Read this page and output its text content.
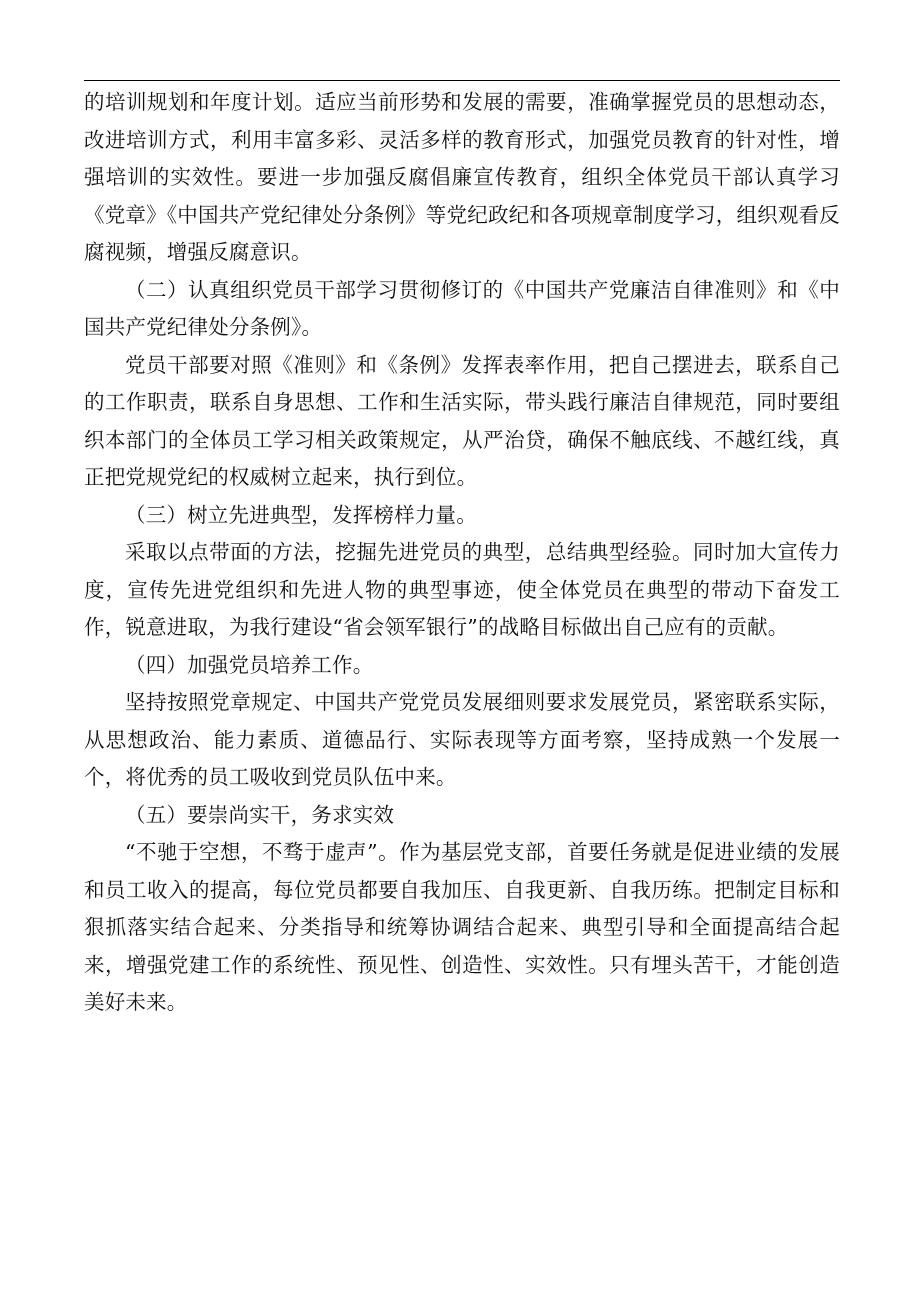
的培训规划和年度计划。适应当前形势和发展的需要，准确掌握党员的思想动态，改进培训方式，利用丰富多彩、灵活多样的教育形式，加强党员教育的针对性，增强培训的实效性。要进一步加强反腐倡廉宣传教育，组织全体党员干部认真学习《党章》《中国共产党纪律处分条例》等党纪政纪和各项规章制度学习，组织观看反腐视频，增强反腐意识。

（二）认真组织党员干部学习贯彻修订的《中国共产党廉洁自律准则》和《中国共产党纪律处分条例》。

党员干部要对照《准则》和《条例》发挥表率作用，把自己摆进去，联系自己的工作职责，联系自身思想、工作和生活实际，带头践行廉洁自律规范，同时要组织本部门的全体员工学习相关政策规定，从严治贷，确保不触底线、不越红线，真正把党规党纪的权威树立起来，执行到位。

（三）树立先进典型，发挥榜样力量。

采取以点带面的方法，挖掘先进党员的典型，总结典型经验。同时加大宣传力度，宣传先进党组织和先进人物的典型事迹，使全体党员在典型的带动下奋发工作，锐意进取，为我行建设“省会领军银行”的战略目标做出自己应有的贡献。

（四）加强党员培养工作。

坚持按照党章规定、中国共产党党员发展细则要求发展党员，紧密联系实际，从思想政治、能力素质、道德品行、实际表现等方面考察，坚持成熟一个发展一个，将优秀的员工吸收到党员队伍中来。

（五）要崇尚实干，务求实效

“不驰于空想，不骛于虚声”。作为基层党支部，首要任务就是促进业绩的发展和员工收入的提高，每位党员都要自我加压、自我更新、自我历练。把制定目标和狠抓落实结合起来、分类指导和统筹协调结合起来、典型引导和全面提高结合起来，增强党建工作的系统性、预见性、创造性、实效性。只有埋头苦干，才能创造美好未来。
